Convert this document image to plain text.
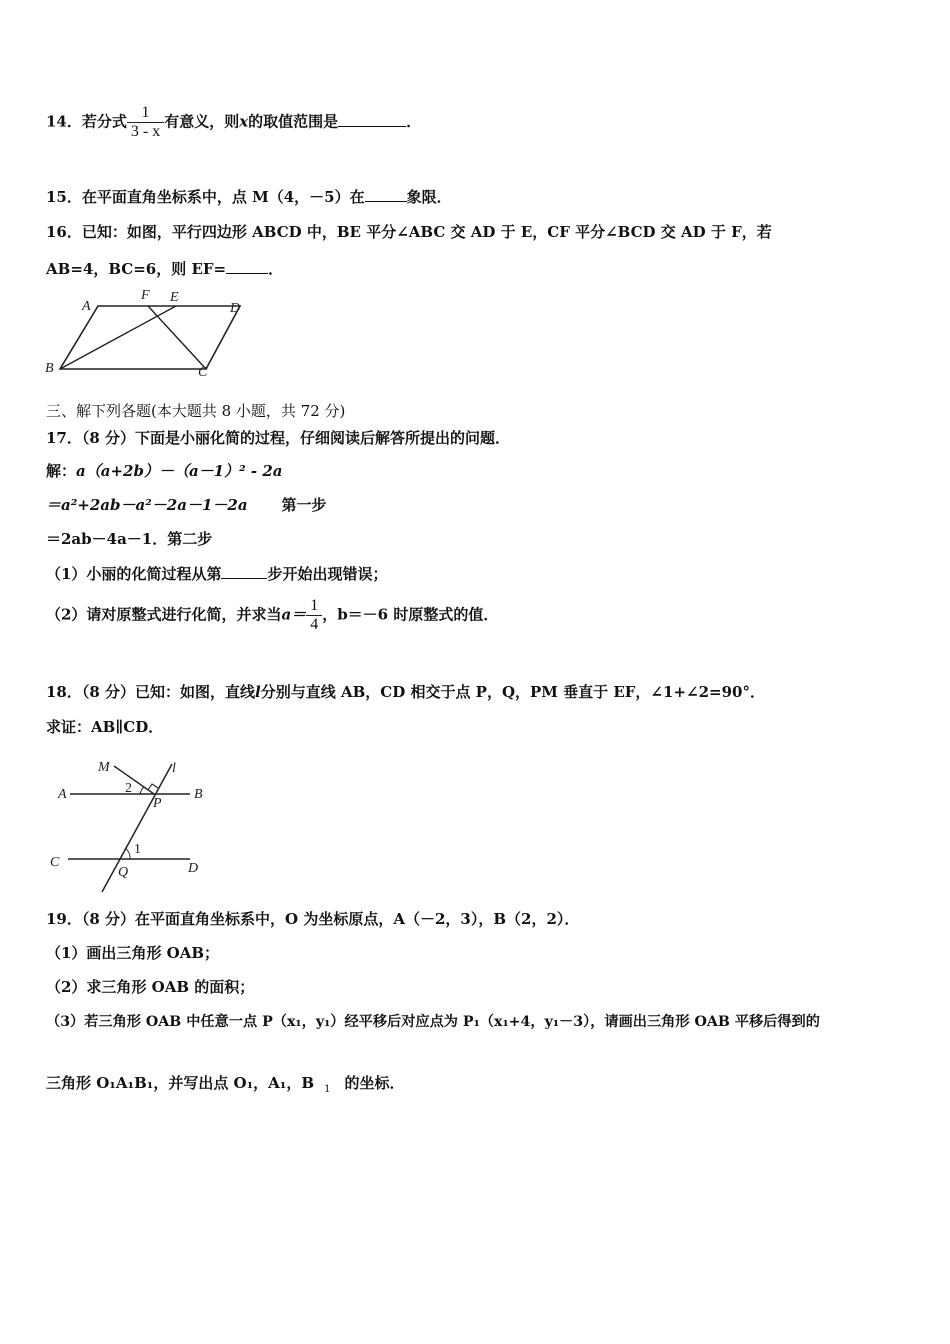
14．若分式 $\frac{1}{3 - x}$ 有意义，则x的取值范围是	．
15．在平面直角坐标系中，点 M（4，－5）在	象限．
16．已知：如图，平行四边形 ABCD 中，BE 平分∠ABC 交 AD 于 E，CF 平分∠BCD 交 AD 于 F，若
AB=4，BC=6，则 EF=	．
A
F E
D
B	C
三、解下列各题(本大题共 8 小题，共 72 分)
17．（8 分）下面是小丽化简的过程，仔细阅读后解答所提出的问题．
解：a（a+2b）－（a－1）² - 2a
＝a²+2ab－a²－2a－1－2a 第一步
＝2ab－4a－1．第二步
（1）小丽的化简过程从第	步开始出现错误；
（2）请对原整式进行化简，并求当$a= \frac{1}{4}$ ，b＝－6 时原整式的值．
18．（8 分）已知：如图，直线l分别与直线 AB，CD 相交于点 P，Q，PM 垂直于 EF，∠1+∠2=90°．
求证：AB∥CD．
M	l
A	2
P
B
1
C
Q	D
19．（8 分）在平面直角坐标系中，O 为坐标原点，A（－2，3），B（2，2）．
（1）画出三角形 OAB；
（2）求三角形 OAB 的面积；
（3）若三角形 OAB 中任意一点 P（x₁，y₁）经平移后对应点为 P₁（x₁+4，y₁－3），请画出三角形 OAB 平移后得到的
三角形 O₁A₁B₁，并写出点 O₁，A₁，B $_1$ 的坐标．
